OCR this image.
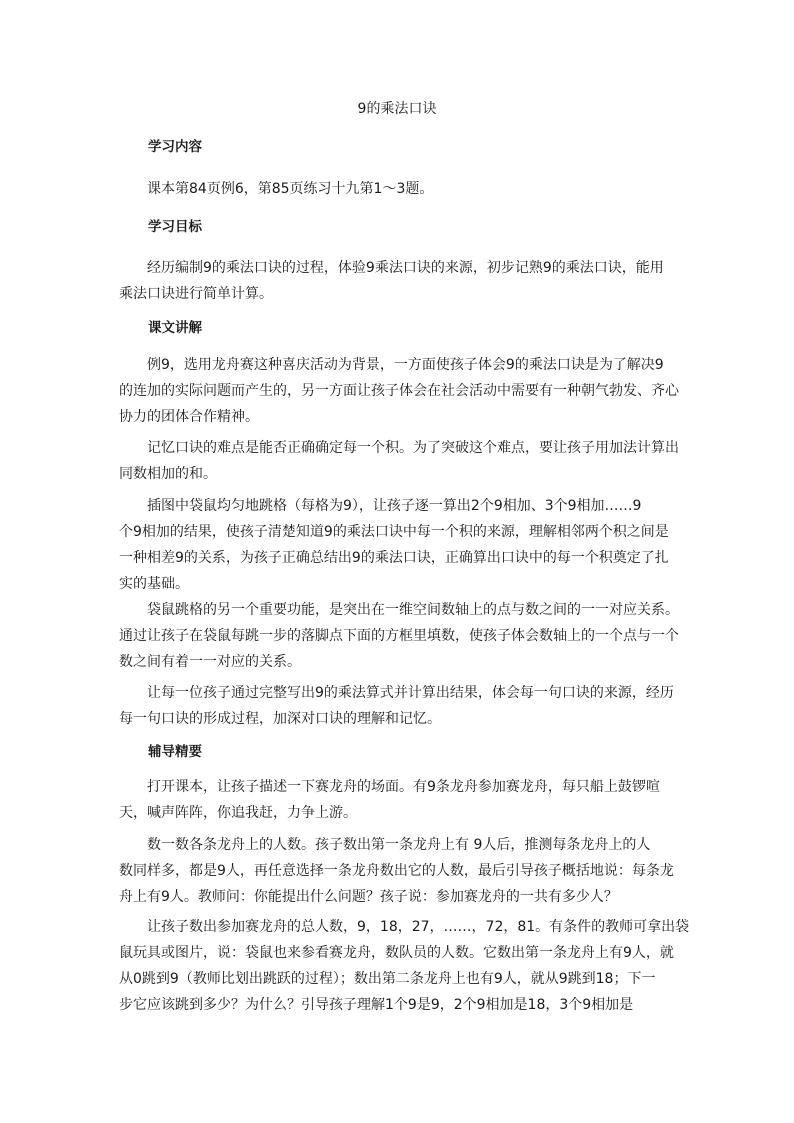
9的乘法口诀
学习内容
课本第84页例6，第85页练习十九第1～3题。
学习目标
经历编制9的乘法口诀的过程，体验9乘法口诀的来源，初步记熟9的乘法口诀，能用
乘法口诀进行简单计算。
课文讲解
例9，选用龙舟赛这种喜庆活动为背景，一方面使孩子体会9的乘法口诀是为了解决9
的连加的实际问题而产生的，另一方面让孩子体会在社会活动中需要有一种朝气勃发、齐心
协力的团体合作精神。
记忆口诀的难点是能否正确确定每一个积。为了突破这个难点，要让孩子用加法计算出
同数相加的和。
插图中袋鼠均匀地跳格（每格为9），让孩子逐一算出2个9相加、3个9相加……9
个9相加的结果，使孩子清楚知道9的乘法口诀中每一个积的来源，理解相邻两个积之间是
一种相差9的关系，为孩子正确总结出9的乘法口诀，正确算出口诀中的每一个积奠定了扎
实的基础。
袋鼠跳格的另一个重要功能，是突出在一维空间数轴上的点与数之间的一一对应关系。
通过让孩子在袋鼠每跳一步的落脚点下面的方框里填数，使孩子体会数轴上的一个点与一个
数之间有着一一对应的关系。
让每一位孩子通过完整写出9的乘法算式并计算出结果，体会每一句口诀的来源，经历
每一句口诀的形成过程，加深对口诀的理解和记忆。
辅导精要
打开课本，让孩子描述一下赛龙舟的场面。有9条龙舟参加赛龙舟，每只船上鼓锣喧
天，喊声阵阵，你追我赶，力争上游。
数一数各条龙舟上的人数。孩子数出第一条龙舟上有 9人后，推测每条龙舟上的人
数同样多，都是9人，再任意选择一条龙舟数出它的人数，最后引导孩子概括地说：每条龙
舟上有9人。教师问：你能提出什么问题？孩子说：参加赛龙舟的一共有多少人？
让孩子数出参加赛龙舟的总人数，9，18，27，……，72，81。有条件的教师可拿出袋
鼠玩具或图片，说：袋鼠也来参看赛龙舟，数队员的人数。它数出第一条龙舟上有9人，就
从0跳到9（教师比划出跳跃的过程）；数出第二条龙舟上也有9人，就从9跳到18；下一
步它应该跳到多少？为什么？引导孩子理解1个9是9，2个9相加是18，3个9相加是
